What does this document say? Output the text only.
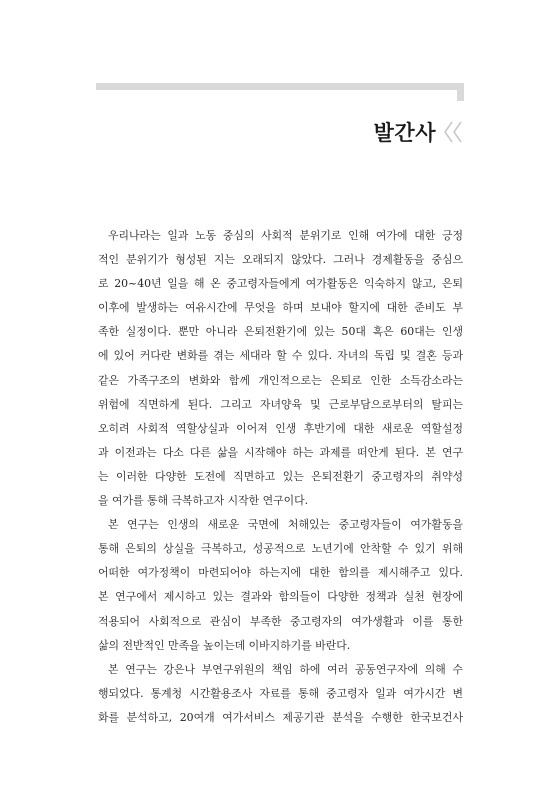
발간사
우리나라는 일과 노동 중심의 사회적 분위기로 인해 여가에 대한 긍정
적인 분위기가 형성된 지는 오래되지 않았다. 그러나 경제활동을 중심으
로 20~40년 일을 해 온 중고령자들에게 여가활동은 익숙하지 않고, 은퇴
이후에 발생하는 여유시간에 무엇을 하며 보내야 할지에 대한 준비도 부
족한 실정이다. 뿐만 아니라 은퇴전환기에 있는 50대 혹은 60대는 인생
에 있어 커다란 변화를 겪는 세대라 할 수 있다. 자녀의 독립 및 결혼 등과
같은 가족구조의 변화와 함께 개인적으로는 은퇴로 인한 소득감소라는
위험에 직면하게 된다. 그리고 자녀양육 및 근로부담으로부터의 탈피는
오히려 사회적 역할상실과 이어져 인생 후반기에 대한 새로운 역할설정
과 이전과는 다소 다른 삶을 시작해야 하는 과제를 떠안게 된다. 본 연구
는 이러한 다양한 도전에 직면하고 있는 은퇴전환기 중고령자의 취약성
을 여가를 통해 극복하고자 시작한 연구이다.
본 연구는 인생의 새로운 국면에 처해있는 중고령자들이 여가활동을
통해 은퇴의 상실을 극복하고, 성공적으로 노년기에 안착할 수 있기 위해
어떠한 여가정책이 마련되어야 하는지에 대한 함의를 제시해주고 있다.
본 연구에서 제시하고 있는 결과와 함의들이 다양한 정책과 실천 현장에
적용되어 사회적으로 관심이 부족한 중고령자의 여가생활과 이를 통한
삶의 전반적인 만족을 높이는데 이바지하기를 바란다.
본 연구는 강은나 부연구위원의 책임 하에 여러 공동연구자에 의해 수
행되었다. 통계청 시간활용조사 자료를 통해 중고령자 일과 여가시간 변
화를 분석하고, 20여개 여가서비스 제공기관 분석을 수행한 한국보건사
